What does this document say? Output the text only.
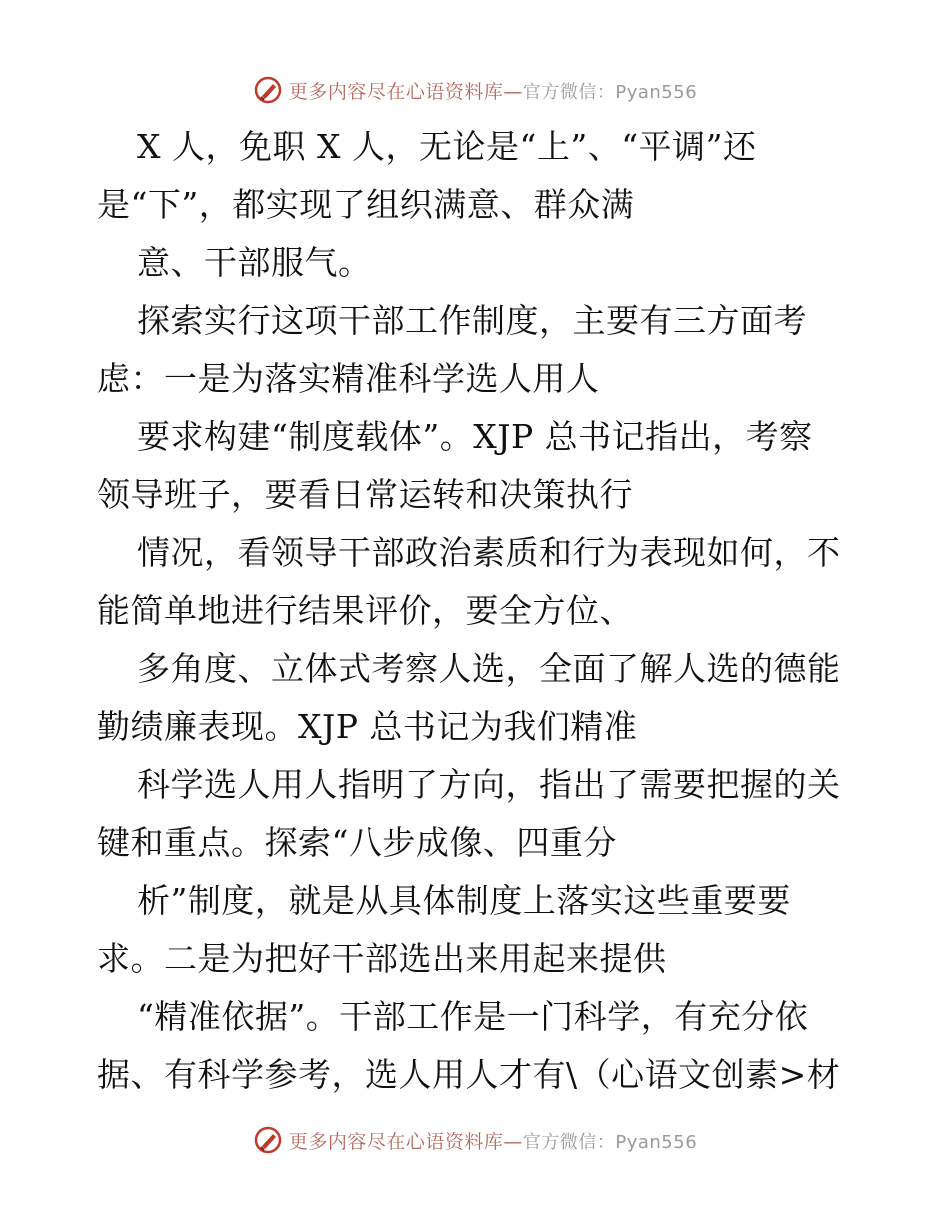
更多内容尽在心语资料库—官方微信：Pyan556
X 人，免职 X 人，无论是“上”、“平调”还
是“下”，都实现了组织满意、群众满
意、干部服气。
探索实行这项干部工作制度，主要有三方面考
虑：一是为落实精准科学选人用人
要求构建“制度载体”。XJP 总书记指出，考察
领导班子，要看日常运转和决策执行
情况，看领导干部政治素质和行为表现如何，不
能简单地进行结果评价，要全方位、
多角度、立体式考察人选，全面了解人选的德能
勤绩廉表现。XJP 总书记为我们精准
科学选人用人指明了方向，指出了需要把握的关
键和重点。探索“八步成像、四重分
析”制度，就是从具体制度上落实这些重要要
求。二是为把好干部选出来用起来提供
“精准依据”。干部工作是一门科学，有充分依
据、有科学参考，选人用人才有\（心语文创素>材
更多内容尽在心语资料库—官方微信：Pyan556
